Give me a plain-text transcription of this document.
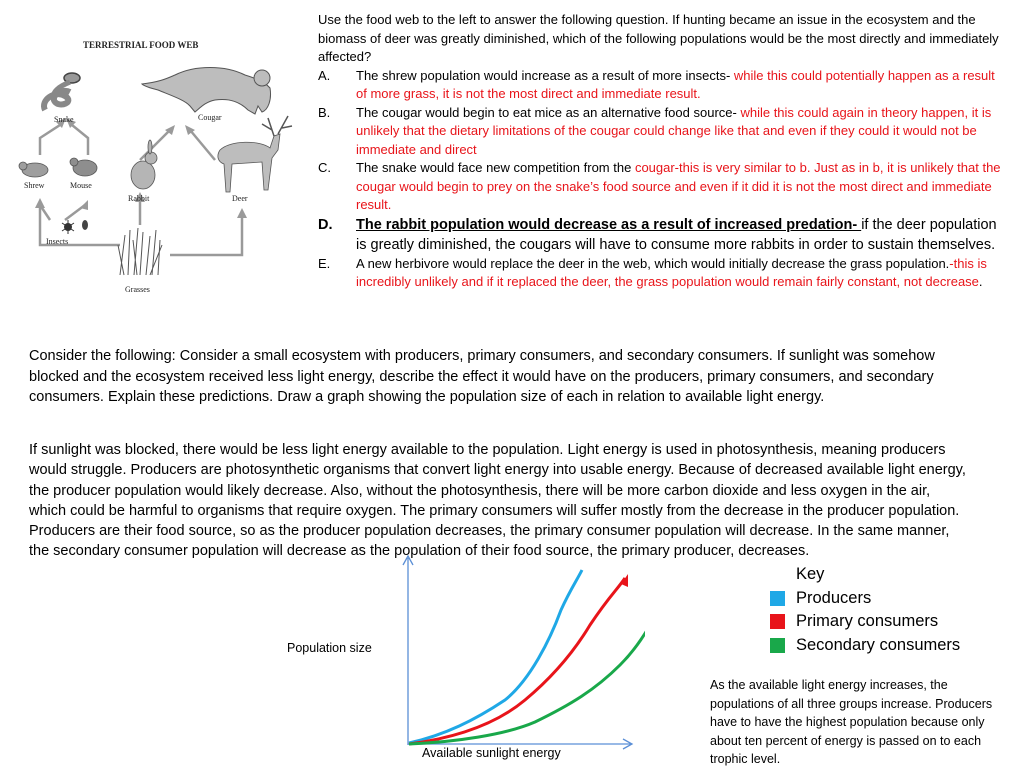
TERRESTRIAL FOOD WEB
Snake	Cougar
Shrew	Mouse
Rabbit	Deer
Insects
Grasses

Use the food web to the left to answer the following question. If hunting became an issue in the ecosystem and the biomass of deer was greatly diminished, which of the following populations would be the most directly and immediately affected?

A.	The shrew population would increase as a result of more insects- while this could potentially happen as a result of more grass, it is not the most direct and immediate result.
B.	The cougar would begin to eat mice as an alternative food source- while this could again in theory happen, it is unlikely that the dietary limitations of the cougar could change like that and even if they could it would not be immediate and direct
C.	The snake would face new competition from the cougar-this is very similar to b. Just as in b, it is unlikely that the cougar would begin to prey on the snake’s food source and even if it did it is not the most direct and immediate result.
D.	The rabbit population would decrease as a result of increased predation- if the deer population is greatly diminished, the cougars will have to consume more rabbits in order to sustain themselves.
E.	A new herbivore would replace the deer in the web, which would initially decrease the grass population.-this is incredibly unlikely and if it replaced the deer, the grass population would remain fairly constant, not decrease.

Consider the following: Consider a small ecosystem with producers, primary consumers, and secondary consumers. If sunlight was somehow blocked and the ecosystem received less light energy, describe the effect it would have on the producers, primary consumers, and secondary consumers. Explain these predictions. Draw a graph showing the population size of each in relation to available light energy.

If sunlight was blocked, there would be less light energy available to the population. Light energy is used in photosynthesis, meaning producers would struggle. Producers are photosynthetic organisms that convert light energy into usable energy. Because of decreased available light energy, the producer population would likely decrease. Also, without the photosynthesis, there will be more carbon dioxide and less oxygen in the air, which could be harmful to organisms that require oxygen. The primary consumers will suffer mostly from the decrease in the producer population. Producers are their food source, so as the producer population decreases, the primary consumer population will decrease. In the same manner, the secondary consumer population will decrease as the population of their food source, the primary producer, decreases.

Population size
Available sunlight energy
Key
Producers
Primary consumers
Secondary consumers

As the available light energy increases, the populations of all three groups increase. Producers have to have the highest population because only about ten percent of energy is passed on to each trophic level.
